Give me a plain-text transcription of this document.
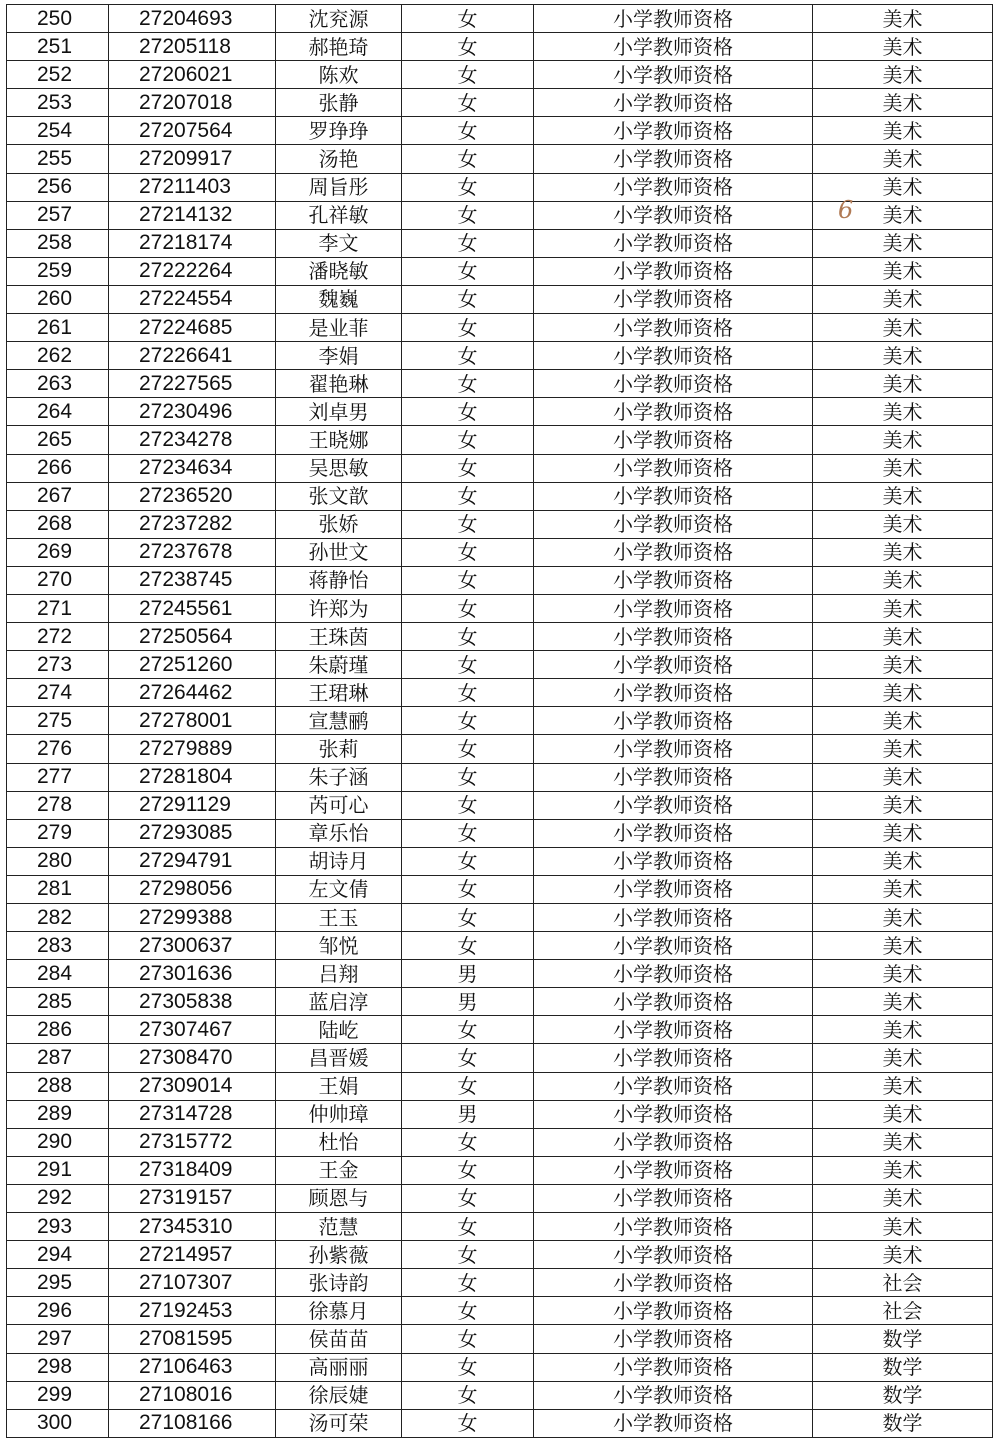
250	27204693	沈兖源	女	小学教师资格	美术
251	27205118	郝艳琦	女	小学教师资格	美术
252	27206021	陈欢	女	小学教师资格	美术
253	27207018	张静	女	小学教师资格	美术
254	27207564	罗琤琤	女	小学教师资格	美术
255	27209917	汤艳	女	小学教师资格	美术
256	27211403	周旨彤	女	小学教师资格	美术
257	27214132	孔祥敏	女	小学教师资格	美术
258	27218174	李文	女	小学教师资格	美术
259	27222264	潘晓敏	女	小学教师资格	美术
260	27224554	魏巍	女	小学教师资格	美术
261	27224685	是业菲	女	小学教师资格	美术
262	27226641	李娟	女	小学教师资格	美术
263	27227565	翟艳琳	女	小学教师资格	美术
264	27230496	刘卓男	女	小学教师资格	美术
265	27234278	王晓娜	女	小学教师资格	美术
266	27234634	吴思敏	女	小学教师资格	美术
267	27236520	张文歆	女	小学教师资格	美术
268	27237282	张娇	女	小学教师资格	美术
269	27237678	孙世文	女	小学教师资格	美术
270	27238745	蒋静怡	女	小学教师资格	美术
271	27245561	许郑为	女	小学教师资格	美术
272	27250564	王珠茵	女	小学教师资格	美术
273	27251260	朱蔚瑾	女	小学教师资格	美术
274	27264462	王珺琳	女	小学教师资格	美术
275	27278001	宣慧鹂	女	小学教师资格	美术
276	27279889	张莉	女	小学教师资格	美术
277	27281804	朱子涵	女	小学教师资格	美术
278	27291129	芮可心	女	小学教师资格	美术
279	27293085	章乐怡	女	小学教师资格	美术
280	27294791	胡诗月	女	小学教师资格	美术
281	27298056	左文倩	女	小学教师资格	美术
282	27299388	王玉	女	小学教师资格	美术
283	27300637	邹悦	女	小学教师资格	美术
284	27301636	吕翔	男	小学教师资格	美术
285	27305838	蓝启淳	男	小学教师资格	美术
286	27307467	陆屹	女	小学教师资格	美术
287	27308470	昌晋媛	女	小学教师资格	美术
288	27309014	王娟	女	小学教师资格	美术
289	27314728	仲帅璋	男	小学教师资格	美术
290	27315772	杜怡	女	小学教师资格	美术
291	27318409	王金	女	小学教师资格	美术
292	27319157	顾恩与	女	小学教师资格	美术
293	27345310	范慧	女	小学教师资格	美术
294	27214957	孙紫薇	女	小学教师资格	美术
295	27107307	张诗韵	女	小学教师资格	社会
296	27192453	徐慕月	女	小学教师资格	社会
297	27081595	侯苗苗	女	小学教师资格	数学
298	27106463	高丽丽	女	小学教师资格	数学
299	27108016	徐辰婕	女	小学教师资格	数学
300	27108166	汤可荣	女	小学教师资格	数学
6
